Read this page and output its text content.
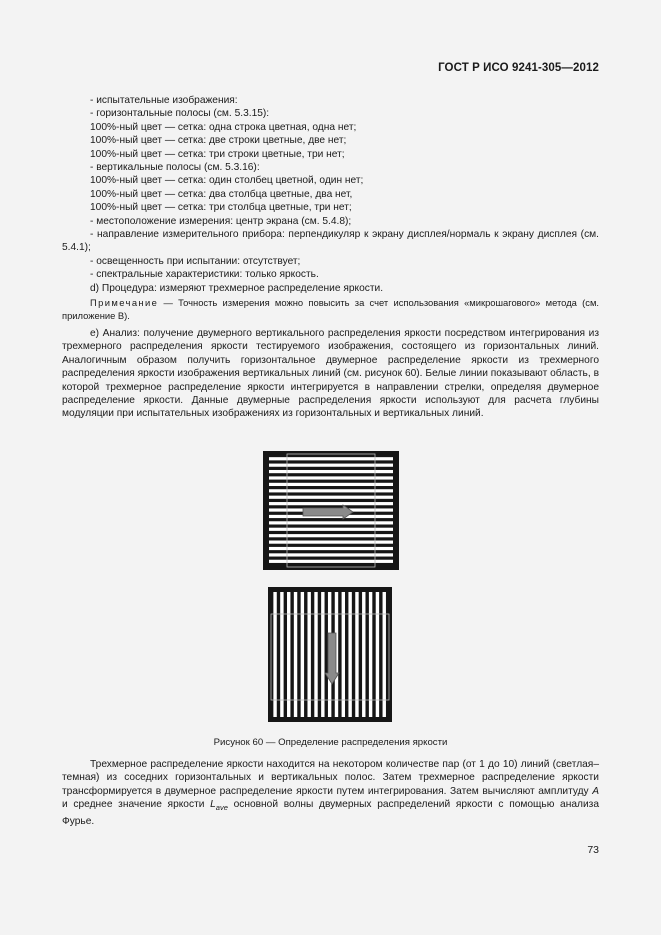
ГОСТ Р ИСО 9241-305—2012
- испытательные изображения:
- горизонтальные полосы (см. 5.3.15):
100%-ный цвет — сетка: одна строка цветная, одна нет;
100%-ный цвет — сетка: две строки цветные, две нет;
100%-ный цвет — сетка: три строки цветные, три нет;
- вертикальные полосы (см. 5.3.16):
100%-ный цвет — сетка: один столбец цветной, один нет;
100%-ный цвет — сетка: два столбца цветные, два нет,
100%-ный цвет — сетка: три столбца цветные, три нет;
- местоположение измерения: центр экрана (см. 5.4.8);
- направление измерительного прибора: перпендикуляр к экрану дисплея/нормаль к экрану дисплея (см. 5.4.1);
- освещенность при испытании: отсутствует;
- спектральные характеристики: только яркость.
d) Процедура: измеряют трехмерное распределение яркости.
Примечание — Точность измерения можно повысить за счет использования «микрошагового» метода (см. приложение В).
е) Анализ: получение двумерного вертикального распределения яркости посредством интегрирования из трехмерного распределения яркости тестируемого изображения, состоящего из горизонтальных линий. Аналогичным образом получить горизонтальное двумерное распределение яркости из трехмерного распределения яркости изображения вертикальных линий (см. рисунок 60). Белые линии показывают область, в которой трехмерное распределение яркости интегрируется в направлении стрелки, определяя двумерное распределение яркости. Данные двумерные распределения яркости используют для расчета глубины модуляции при испытательных изображениях из горизонтальных и вертикальных линий.
Рисунок 60 — Определение распределения яркости
Трехмерное распределение яркости находится на некотором количестве пар (от 1 до 10) линий (светлая–темная) из соседних горизонтальных и вертикальных полос. Затем трехмерное распределение яркости трансформируется в двумерное распределение яркости путем интегрирования. Затем вычисляют амплитуду A и среднее значение яркости $L_{ave}$ основной волны двумерных распределений яркости с помощью анализа Фурье.
73
